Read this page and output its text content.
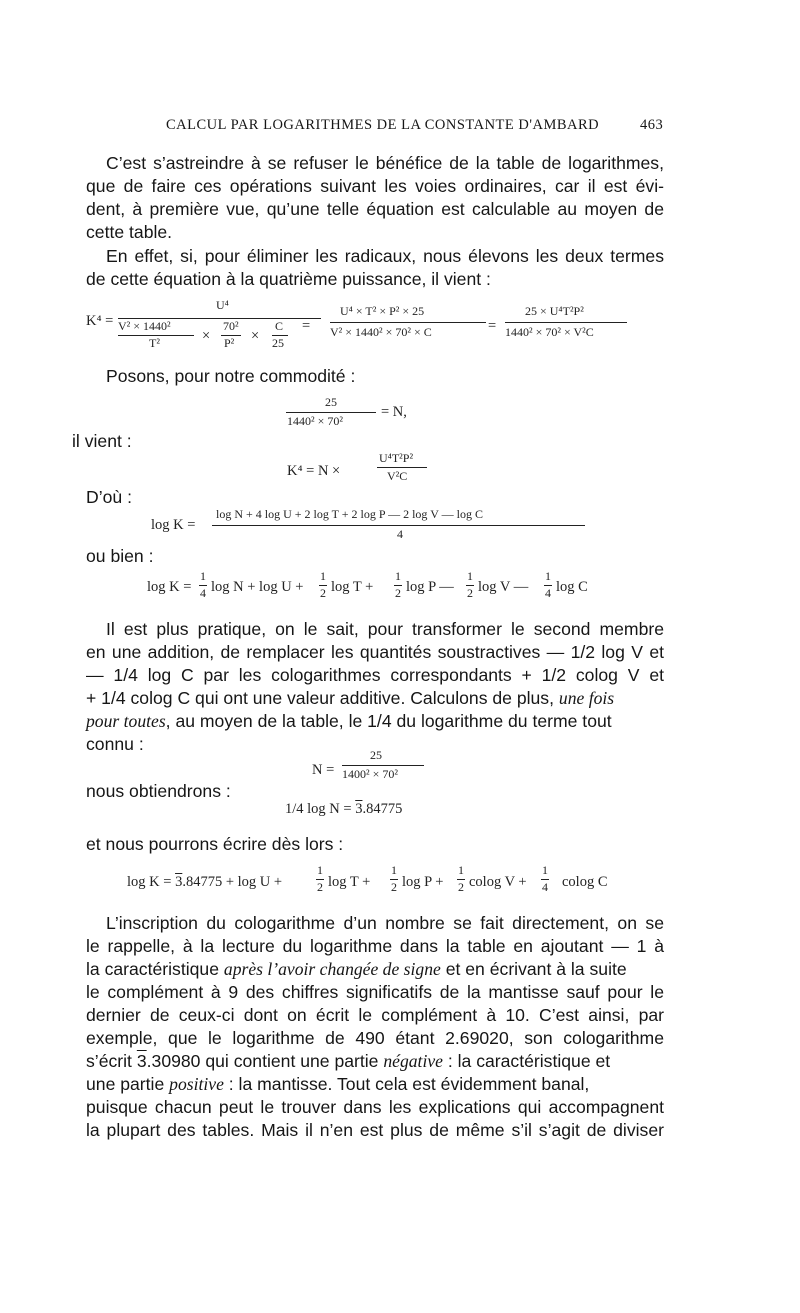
CALCUL PAR LOGARITHMES DE LA CONSTANTE D'AMBARD	463
C’est s’astreindre à se refuser le bénéfice de la table de logarithmes,
que de faire ces opérations suivant les voies ordinaires, car il est évi-
dent, à première vue, qu’une telle équation est calculable au moyen de
cette table.
En effet, si, pour éliminer les radicaux, nous élevons les deux termes
de cette équation à la quatrième puissance, il vient :
K⁴ =
U⁴
V² × 1440²
T²	×
70²
P² ×
C
25
=
U⁴ × T² × P² × 25
V² × 1440² × 70² × C	=
25 × U⁴T²P²
1440² × 70² × V²C
Posons, pour notre commodité :
25
1440² × 70²
= N,
il vient :
K⁴ = N ×
U⁴T²P²
V²C
D’où :
log K =
log N + 4 log U + 2 log T + 2 log P — 2 log V — log C
4
ou bien :
log K =
1
4 log N + log U +
1
2 log T +
1
2 log P —
1
2 log V —
1
4 log C
Il est plus pratique, on le sait, pour transformer le second membre
en une addition, de remplacer les quantités soustractives — 1/2 log V et
— 1/4 log C par les cologarithmes correspondants + 1/2 colog V et
+ 1/4 colog C qui ont une valeur additive. Calculons de plus, une fois
pour toutes, au moyen de la table, le 1/4 du logarithme du terme tout
connu :
N =
25
1400² × 70²
nous obtiendrons :
1/4 log N = 3.84775
et nous pourrons écrire dès lors :
log K = 3.84775 + log U +
1
2 log T +
1
2 log P +
1
2 colog V +
1
4 colog C
L’inscription du cologarithme d’un nombre se fait directement, on se
le rappelle, à la lecture du logarithme dans la table en ajoutant — 1 à
la caractéristique après l’avoir changée de signe et en écrivant à la suite
le complément à 9 des chiffres significatifs de la mantisse sauf pour le
dernier de ceux-ci dont on écrit le complément à 10. C’est ainsi, par
exemple, que le logarithme de 490 étant 2.69020, son cologarithme
s’écrit 3.30980 qui contient une partie négative : la caractéristique et
une partie positive : la mantisse. Tout cela est évidemment banal,
puisque chacun peut le trouver dans les explications qui accompagnent
la plupart des tables. Mais il n’en est plus de même s’il s’agit de diviser
